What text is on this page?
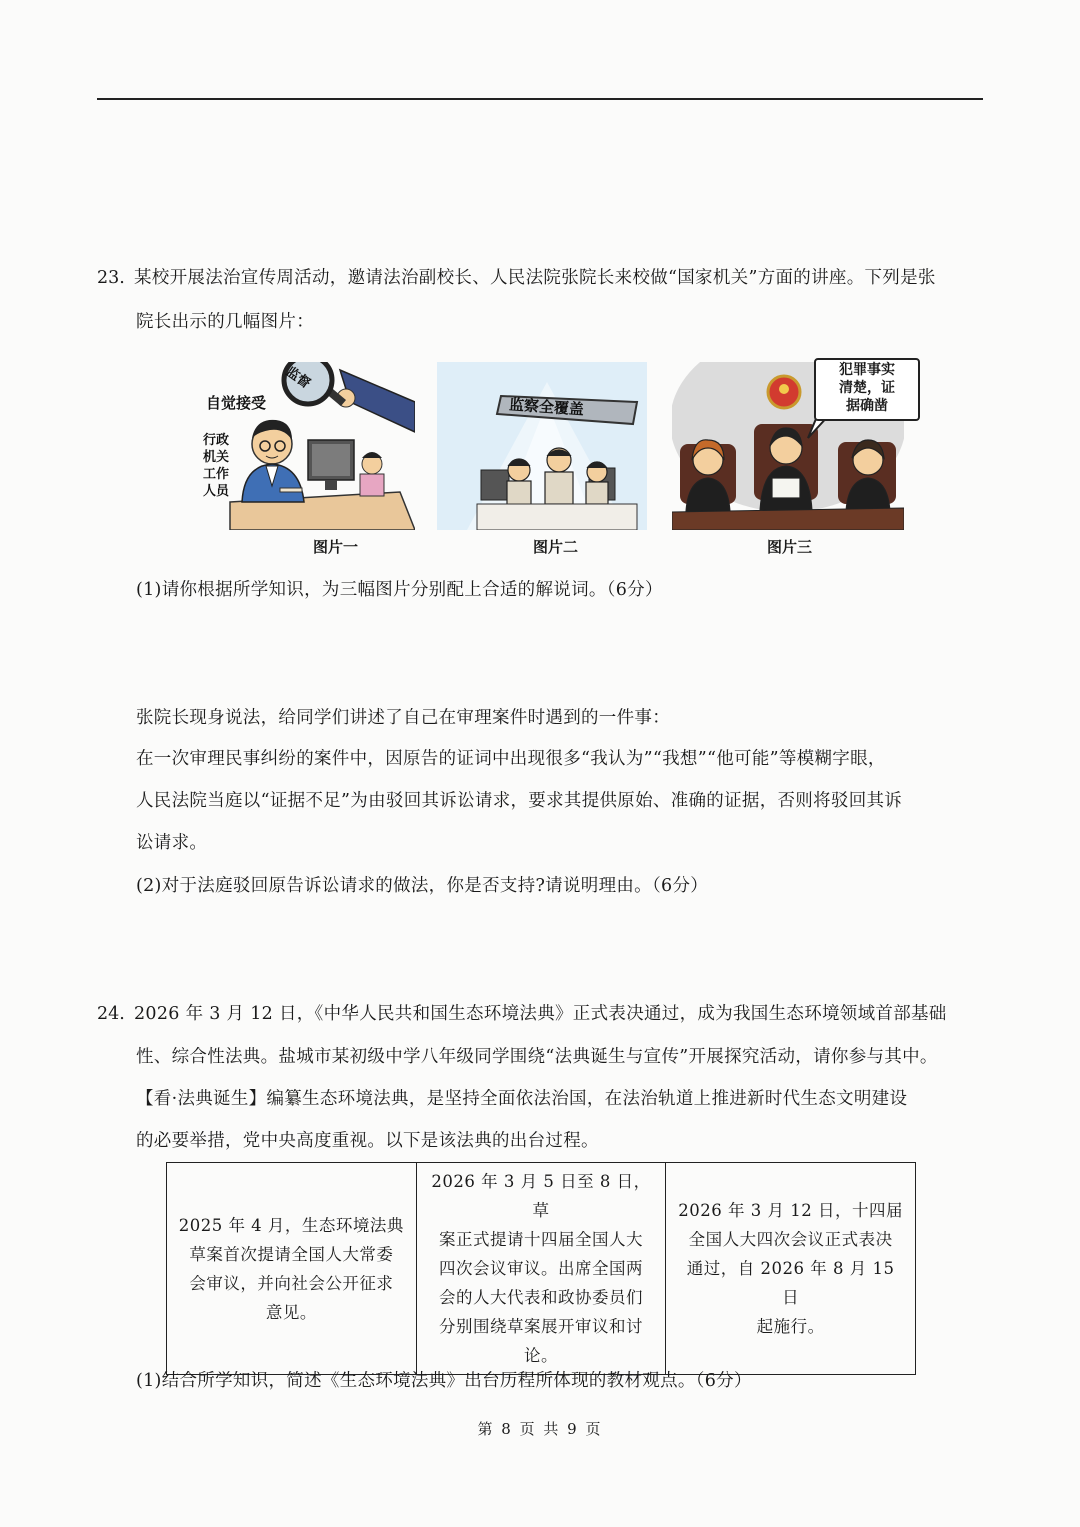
23. 某校开展法治宣传周活动，邀请法治副校长、人民法院张院长来校做“国家机关”方面的讲座。下列是张
院长出示的几幅图片：
监督
自觉接受
行政
机关
工作
人员
图片一
监察全覆盖
图片二
犯罪事实
清楚，证
据确凿
图片三
(1)请你根据所学知识，为三幅图片分别配上合适的解说词。（6分）
张院长现身说法，给同学们讲述了自己在审理案件时遇到的一件事：
在一次审理民事纠纷的案件中，因原告的证词中出现很多“我认为”“我想”“他可能”等模糊字眼，
人民法院当庭以“证据不足”为由驳回其诉讼请求，要求其提供原始、准确的证据，否则将驳回其诉
讼请求。
(2)对于法庭驳回原告诉讼请求的做法，你是否支持?请说明理由。（6分）
24. 2026 年 3 月 12 日，《中华人民共和国生态环境法典》正式表决通过，成为我国生态环境领域首部基础
性、综合性法典。盐城市某初级中学八年级同学围绕“法典诞生与宣传”开展探究活动，请你参与其中。
【看·法典诞生】编纂生态环境法典，是坚持全面依法治国，在法治轨道上推进新时代生态文明建设
的必要举措，党中央高度重视。以下是该法典的出台过程。
2025 年 4 月，生态环境法典
草案首次提请全国人大常委
会审议，并向社会公开征求
意见。

2026 年 3 月 5 日至 8 日，草
案正式提请十四届全国人大
四次会议审议。出席全国两
会的人大代表和政协委员们
分别围绕草案展开审议和讨
论。

2026 年 3 月 12 日，十四届
全国人大四次会议正式表决
通过，自 2026 年 8 月 15 日
起施行。
(1)结合所学知识，简述《生态环境法典》出台历程所体现的教材观点。（6分）
第 8 页 共 9 页
